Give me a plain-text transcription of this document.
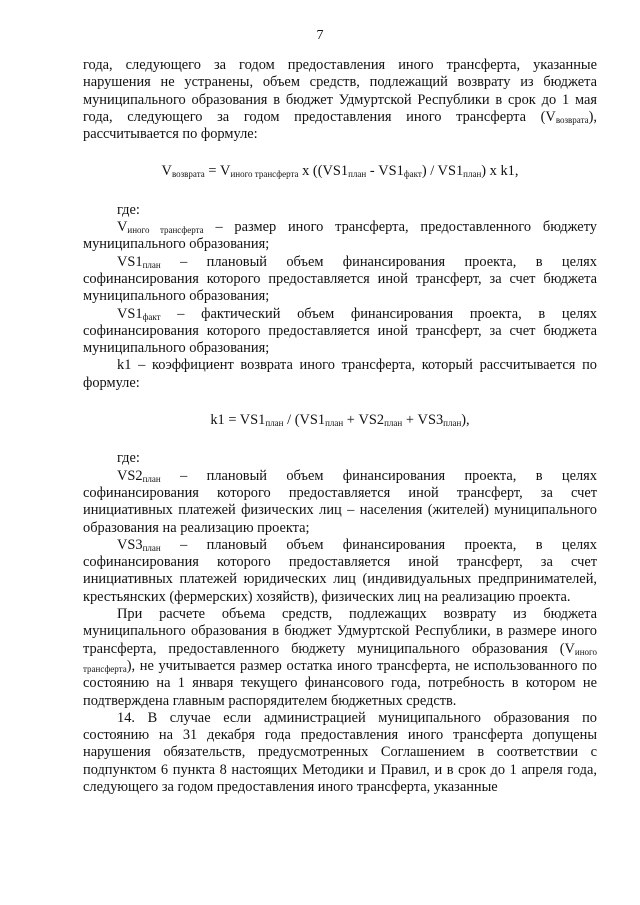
7

года, следующего за годом предоставления иного трансферта, указанные нарушения не устранены, объем средств, подлежащий возврату из бюджета муниципального образования в бюджет Удмуртской Республики в срок до 1 мая года, следующего за годом предоставления иного трансферта $(V_{возврата})$, рассчитывается по формуле:

$V_{возврата} = V_{иного трансферта}$ x $((VS1_{план} - VS1_{факт}) / VS1_{план})$ x k1,

где:

$V_{иного трансферта}$ – размер иного трансферта, предоставленного бюджету муниципального образования;

$VS1_{план}$ – плановый объем финансирования проекта, в целях софинансирования которого предоставляется иной трансферт, за счет бюджета муниципального образования;

$VS1_{факт}$ – фактический объем финансирования проекта, в целях софинансирования которого предоставляется иной трансферт, за счет бюджета муниципального образования;

k1 – коэффициент возврата иного трансферта, который рассчитывается по формуле:

$k1 = VS1_{план} / (VS1_{план} + VS2_{план} + VS3_{план})$,

где:

$VS2_{план}$ – плановый объем финансирования проекта, в целях софинансирования которого предоставляется иной трансферт, за счет инициативных платежей физических лиц – населения (жителей) муниципального образования на реализацию проекта;

$VS3_{план}$ – плановый объем финансирования проекта, в целях софинансирования которого предоставляется иной трансферт, за счет инициативных платежей юридических лиц (индивидуальных предпринимателей, крестьянских (фермерских) хозяйств), физических лиц на реализацию проекта.

При расчете объема средств, подлежащих возврату из бюджета муниципального образования в бюджет Удмуртской Республики, в размере иного трансферта, предоставленного бюджету муниципального образования $(V_{иного трансферта})$, не учитывается размер остатка иного трансферта, не использованного по состоянию на 1 января текущего финансового года, потребность в котором не подтверждена главным распорядителем бюджетных средств.

14. В случае если администрацией муниципального образования по состоянию на 31 декабря года предоставления иного трансферта допущены нарушения обязательств, предусмотренных Соглашением в соответствии с подпунктом 6 пункта 8 настоящих Методики и Правил, и в срок до 1 апреля года, следующего за годом предоставления иного трансферта, указанные
